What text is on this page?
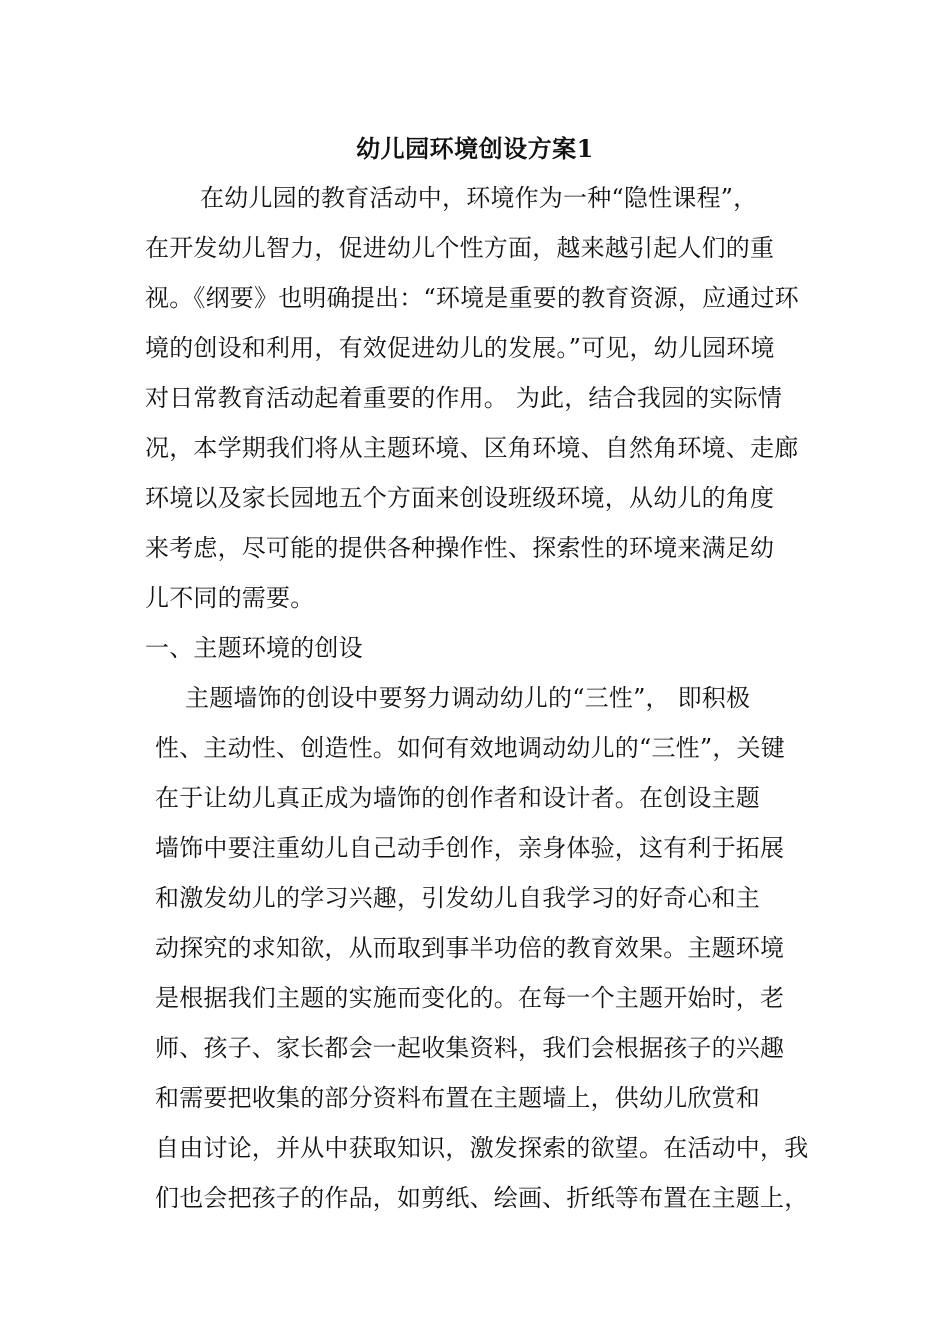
幼儿园环境创设方案1
在幼儿园的教育活动中，环境作为一种“隐性课程”，
在开发幼儿智力，促进幼儿个性方面，越来越引起人们的重
视。《纲要》也明确提出：“环境是重要的教育资源，应通过环
境的创设和利用，有效促进幼儿的发展。”可见，幼儿园环境
对日常教育活动起着重要的作用。 为此，结合我园的实际情
况，本学期我们将从主题环境、区角环境、自然角环境、走廊
环境以及家长园地五个方面来创设班级环境，从幼儿的角度
来考虑，尽可能的提供各种操作性、探索性的环境来满足幼
儿不同的需要。
一、主题环境的创设
主题墙饰的创设中要努力调动幼儿的“三性”， 即积极
性、主动性、创造性。如何有效地调动幼儿的“三性”，关键
在于让幼儿真正成为墙饰的创作者和设计者。在创设主题
墙饰中要注重幼儿自己动手创作，亲身体验，这有利于拓展
和激发幼儿的学习兴趣，引发幼儿自我学习的好奇心和主
动探究的求知欲，从而取到事半功倍的教育效果。主题环境
是根据我们主题的实施而变化的。在每一个主题开始时，老
师、孩子、家长都会一起收集资料，我们会根据孩子的兴趣
和需要把收集的部分资料布置在主题墙上，供幼儿欣赏和
自由讨论，并从中获取知识，激发探索的欲望。在活动中，我
们也会把孩子的作品，如剪纸、绘画、折纸等布置在主题上，
